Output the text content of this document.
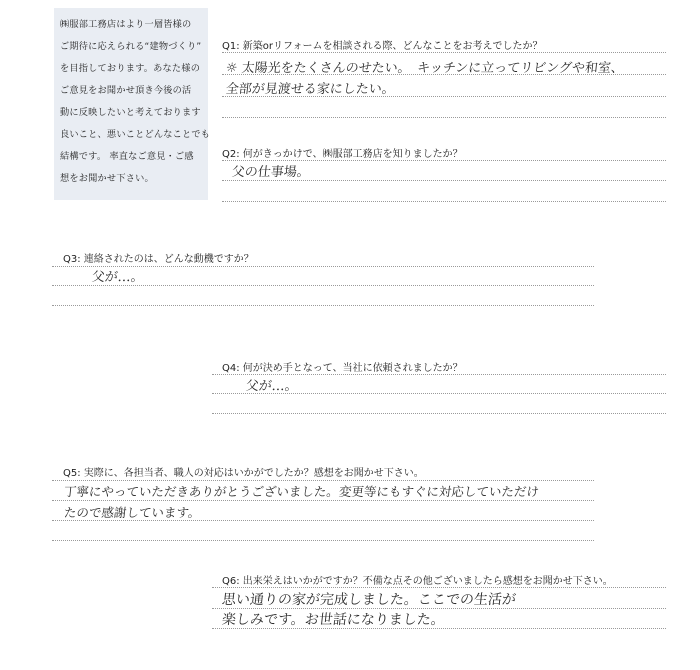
㈱服部工務店はより一層皆様の
ご期待に応えられる“建物づくり”
を目指しております。あなた様の
ご意見をお聞かせ頂き今後の活
動に反映したいと考えております
良いこと、悪いことどんなことでも
結構です。 率直なご意見・ご感
想をお聞かせ下さい。
Q1: 新築orリフォームを相談される際、どんなことをお考えでしたか？
☼ 太陽光をたくさんのせたい。　キッチンに立ってリビングや和室、
全部が見渡せる家にしたい。
Q2: 何がきっかけで、㈱服部工務店を知りましたか？
父の仕事場。
Q3: 連絡されたのは、どんな動機ですか？
父が…。
Q4: 何が決め手となって、当社に依頼されましたか？
父が…。
Q5: 実際に、各担当者、職人の対応はいかがでしたか？感想をお聞かせ下さい。
丁寧にやっていただきありがとうございました。変更等にもすぐに対応していただけ
たので感謝しています。
Q6: 出来栄えはいかがですか？不備な点その他ございましたら感想をお聞かせ下さい。
思い通りの家が完成しました。ここでの生活が
楽しみです。お世話になりました。
